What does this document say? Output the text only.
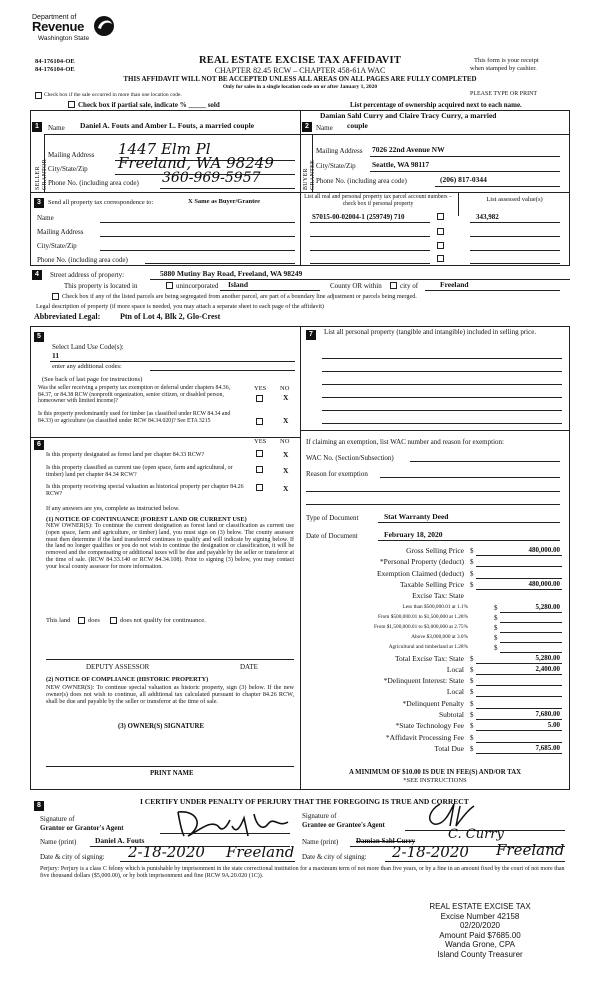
Department of
Revenue
Washington State
84-176104-OE
84-176104-OE
REAL ESTATE EXCISE TAX AFFIDAVIT
CHAPTER 82.45 RCW – CHAPTER 458-61A WAC
THIS AFFIDAVIT WILL NOT BE ACCEPTED UNLESS ALL AREAS ON ALL PAGES ARE FULLY COMPLETED
Only for sales in a single location code on or after January 1, 2020
This form is your receipt
when stamped by cashier.
Check box if the sale occurred in more than one location code.	PLEASE TYPE OR PRINT
Check box if partial sale, indicate % _____ sold	List percentage of ownership acquired next to each name.
1
SELLER GRANTOR
Name Daniel A. Fouts and Amber L. Fouts, a married couple
Mailing Address 1447 Elm Pl
City/State/Zip Freeland, WA 98249
Phone No. (including area code) 360-969-5957
Damian Sahl Curry and Claire Tracy Curry, a married
2	Name couple
BUYER GRANTEE
Mailing Address 7026 22nd Avenue NW
City/State/Zip Seattle, WA 98117
Phone No. (including area code)	(206) 817-0344
3	Send all property tax correspondence to:	X Same as Buyer/Grantee
Name
Mailing Address
City/State/Zip
Phone No. (including area code)
List all real and personal property tax parcel account numbers – check box if personal property
List assessed value(s)
S7015-00-02004-1 (259749) 710	343,982
4	Street address of property:	5880 Mutiny Bay Road, Freeland, WA 98249
This property is located in	unincorporated Island	County OR within	city of	Freeland
Check box if any of the listed parcels are being segregated from another parcel, are part of a boundary line adjustment or parcels being merged.
Legal description of property (if more space is needed, you may attach a separate sheet to each page of the affidavit)
Abbreviated Legal: Ptn of Lot 4, Blk 2, Glo-Crest
5
Select Land Use Code(s):
11
enter any additional codes:
(See back of last page for instructions)
YES NO
Was the seller receiving a property tax exemption or deferral under chapters 84.36, 84.37, or 84.38 RCW (nonprofit organization, senior citizen, or disabled person, homeowner with limited income)?	X
Is this property predominantly used for timber (as classified under RCW 84.34 and 84.33) or agriculture (as classified under RCW 84.34.020)? See ETA 3215	X
6	YES NO
Is this property designated as forest land per chapter 84.33 RCW?	X
Is this property classified as current use (open space, farm and agricultural, or timber) land per chapter 84.34 RCW?	X
Is this property receiving special valuation as historical property per chapter 84.26 RCW?
X
If any answers are yes, complete as instructed below.
(1) NOTICE OF CONTINUANCE (FOREST LAND OR CURRENT USE)
NEW OWNER(S): To continue the current designation as forest land or classification as current use (open space, farm and agriculture, or timber) land, you must sign on (3) below. The county assessor must then determine if the land transferred continues to qualify and will indicate by signing below. If the land no longer qualifies or you do not wish to continue the designation or classification, it will be removed and the compensating or additional taxes will be due and payable by the seller or transferor at the time of sale. (RCW 84.33.140 or RCW 84.34.108). Prior to signing (3) below, you may contact your local county assessor for more information.
This land	does	does not qualify for continuance.
DEPUTY ASSESSOR	DATE
(2) NOTICE OF COMPLIANCE (HISTORIC PROPERTY)
NEW OWNER(S): To continue special valuation as historic property, sign (3) below. If the new owner(s) does not wish to continue, all additional tax calculated pursuant to chapter 84.26 RCW, shall be due and payable by the seller or transferor at the time of sale.
(3) OWNER(S) SIGNATURE
PRINT NAME
7	List all personal property (tangible and intangible) included in selling price.
If claiming an exemption, list WAC number and reason for exemption:
WAC No. (Section/Subsection)
Reason for exemption
Type of Document	Stat Warranty Deed
Date of Document	February 18, 2020
Gross Selling Price $	480,000.00
*Personal Property (deduct) $
Exemption Claimed (deduct) $
Taxable Selling Price $	480,000.00
Excise Tax: State
Less than $500,000.01 at 1.1%	$	5,280.00
From $500,000.01 to $1,500,000 at 1.28%	$
From $1,500,000.01 to $3,000,000 at 2.75%	$
Above $3,000,000 at 3.0%	$
Agricultural and timberland at 1.28%	$
Total Excise Tax: State $	5,280.00
Local $	2,400.00
*Delinquent Interest: State $
Local $
*Delinquent Penalty $
Subtotal $	7,680.00
*State Technology Fee $	5.00
*Affidavit Processing Fee $
Total Due $	7,685.00
A MINIMUM OF $10.00 IS DUE IN FEE(S) AND/OR TAX
*SEE INSTRUCTIONS
8	I CERTIFY UNDER PENALTY OF PERJURY THAT THE FOREGOING IS TRUE AND CORRECT
Signature of
Grantor or Grantor's Agent
Name (print) Daniel A. Fouts
Date & city of signing: 2-18-2020 Freeland
Signature of
Grantee or Grantee's Agent
Name (print)	Damian Sahl Curry	C. Curry
Date & city of signing: 2-18-2020 Freeland
Perjury: Perjury is a class C felony which is punishable by imprisonment in the state correctional institution for a maximum term of not more than five years, or by a fine in an amount fixed by the court of not more than five thousand dollars ($5,000.00), or by both imprisonment and fine (RCW 9A.20.020 (1C)).
REAL ESTATE EXCISE TAX
Excise Number 42158
02/20/2020
Amount Paid $7685.00
Wanda Grone, CPA
Island County Treasurer
